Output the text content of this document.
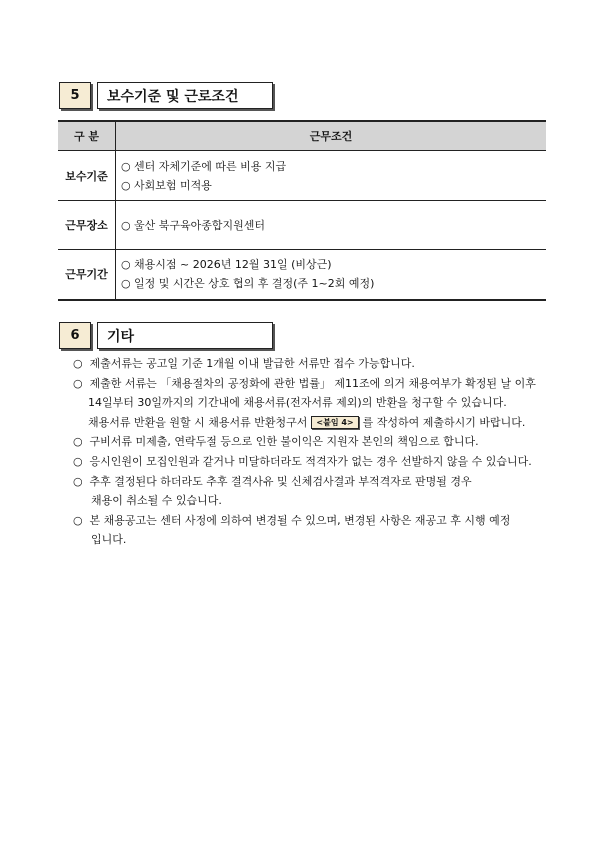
5	보수기준 및 근로조건
구 분	근무조건
보수기준	○ 센터 자체기준에 따른 비용 지급
○ 사회보험 미적용

근무장소	○ 울산 북구육아종합지원센터

근무기간	○ 채용시점 ~ 2026년 12월 31일 (비상근)
○ 일정 및 시간은 상호 협의 후 결정(주 1~2회 예정)
6	기타
○ 제출서류는 공고일 기준 1개월 이내 발급한 서류만 접수 가능합니다.
○ 제출한 서류는 「채용절차의 공정화에 관한 법률」 제11조에 의거 채용여부가 확정된 날 이후
14일부터 30일까지의 기간내에 채용서류(전자서류 제외)의 반환을 청구할 수 있습니다.
채용서류 반환을 원할 시 채용서류 반환청구서 <붙임 4> 를 작성하여 제출하시기 바랍니다.
○ 구비서류 미제출, 연락두절 등으로 인한 불이익은 지원자 본인의 책임으로 합니다.
○ 응시인원이 모집인원과 같거나 미달하더라도 적격자가 없는 경우 선발하지 않을 수 있습니다.
○ 추후 결정된다 하더라도 추후 결격사유 및 신체검사결과 부적격자로 판명될 경우
채용이 취소될 수 있습니다.
○ 본 채용공고는 센터 사정에 의하여 변경될 수 있으며, 변경된 사항은 재공고 후 시행 예정
입니다.
